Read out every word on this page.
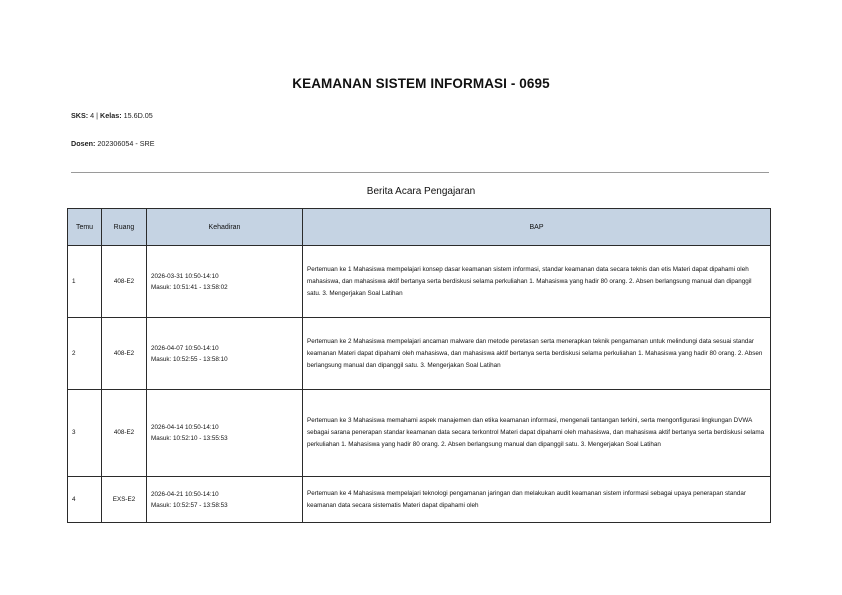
KEAMANAN SISTEM INFORMASI - 0695
SKS: 4 | Kelas: 15.6D.05
Dosen: 202306054 - SRE
Berita Acara Pengajaran
Temu	Ruang	Kehadiran	BAP
1	408-E2	2026-03-31 10:50-14:10
Masuk: 10:51:41 - 13:58:02	Pertemuan ke 1 Mahasiswa mempelajari konsep dasar keamanan sistem informasi, standar keamanan data secara teknis dan etis Materi dapat dipahami oleh mahasiswa, dan mahasiswa aktif bertanya serta berdiskusi selama perkuliahan 1. Mahasiswa yang hadir 80 orang. 2. Absen berlangsung manual dan dipanggil satu. 3. Mengerjakan Soal Latihan
2	408-E2	2026-04-07 10:50-14:10
Masuk: 10:52:55 - 13:58:10	Pertemuan ke 2 Mahasiswa mempelajari ancaman malware dan metode peretasan serta menerapkan teknik pengamanan untuk melindungi data sesuai standar keamanan Materi dapat dipahami oleh mahasiswa, dan mahasiswa aktif bertanya serta berdiskusi selama perkuliahan 1. Mahasiswa yang hadir 80 orang. 2. Absen berlangsung manual dan dipanggil satu. 3. Mengerjakan Soal Latihan
3	408-E2	2026-04-14 10:50-14:10
Masuk: 10:52:10 - 13:55:53	Pertemuan ke 3 Mahasiswa memahami aspek manajemen dan etika keamanan informasi, mengenali tantangan terkini, serta mengonfigurasi lingkungan DVWA sebagai sarana penerapan standar keamanan data secara terkontrol Materi dapat dipahami oleh mahasiswa, dan mahasiswa aktif bertanya serta berdiskusi selama perkuliahan 1. Mahasiswa yang hadir 80 orang. 2. Absen berlangsung manual dan dipanggil satu. 3. Mengerjakan Soal Latihan
4	EXS-E2	2026-04-21 10:50-14:10
Masuk: 10:52:57 - 13:58:53	Pertemuan ke 4 Mahasiswa mempelajari teknologi pengamanan jaringan dan melakukan audit keamanan sistem informasi sebagai upaya penerapan standar keamanan data secara sistematis Materi dapat dipahami oleh
